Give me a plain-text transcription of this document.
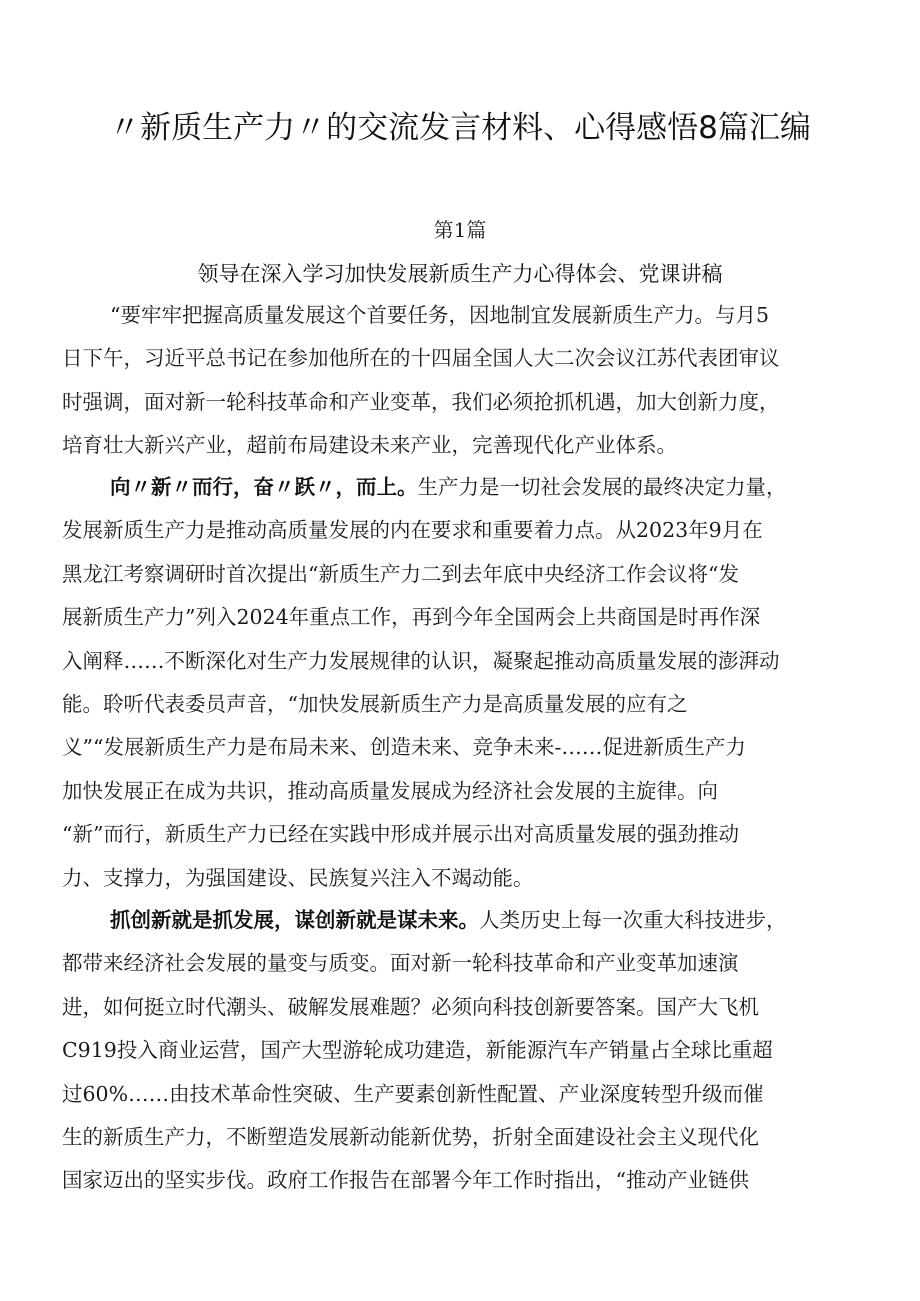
〃新质生产力〃的交流发言材料、心得感悟8篇汇编
第1篇
领导在深入学习加快发展新质生产力心得体会、党课讲稿
“要牢牢把握高质量发展这个首要任务，因地制宜发展新质生产力。与月5
日下午，习近平总书记在参加他所在的十四届全国人大二次会议江苏代表团审议
时强调，面对新一轮科技革命和产业变革，我们必须抢抓机遇，加大创新力度，
培育壮大新兴产业，超前布局建设未来产业，完善现代化产业体系。
向〃新〃而行，奋〃跃〃，而上。生产力是一切社会发展的最终决定力量，
发展新质生产力是推动高质量发展的内在要求和重要着力点。从2023年9月在
黑龙江考察调研时首次提出“新质生产力二到去年底中央经济工作会议将“发
展新质生产力”列入2024年重点工作，再到今年全国两会上共商国是时再作深
入阐释……不断深化对生产力发展规律的认识，凝聚起推动高质量发展的澎湃动
能。聆听代表委员声音，“加快发展新质生产力是高质量发展的应有之
义”“发展新质生产力是布局未来、创造未来、竞争未来-……促进新质生产力
加快发展正在成为共识，推动高质量发展成为经济社会发展的主旋律。向
“新”而行，新质生产力已经在实践中形成并展示出对高质量发展的强劲推动
力、支撑力，为强国建设、民族复兴注入不竭动能。
抓创新就是抓发展，谋创新就是谋未来。人类历史上每一次重大科技进步，
都带来经济社会发展的量变与质变。面对新一轮科技革命和产业变革加速演
进，如何挺立时代潮头、破解发展难题？必须向科技创新要答案。国产大飞机
C919投入商业运营，国产大型游轮成功建造，新能源汽车产销量占全球比重超
过60%……由技术革命性突破、生产要素创新性配置、产业深度转型升级而催
生的新质生产力，不断塑造发展新动能新优势，折射全面建设社会主义现代化
国家迈出的坚实步伐。政府工作报告在部署今年工作时指出，“推动产业链供
